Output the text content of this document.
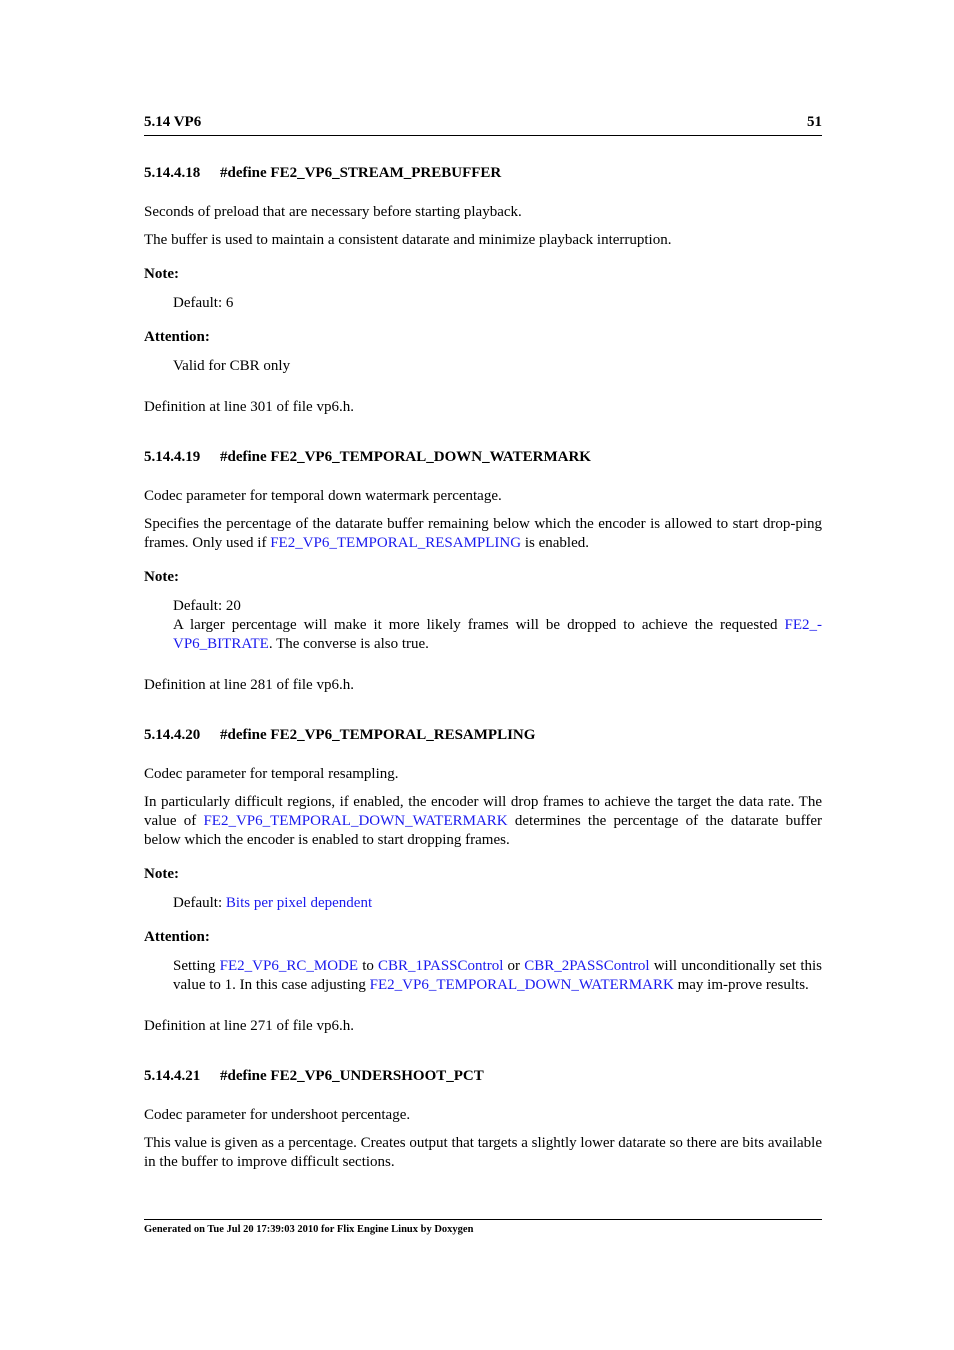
5.14 VP6	51
5.14.4.18 #define FE2_VP6_STREAM_PREBUFFER

Seconds of preload that are necessary before starting playback.

The buffer is used to maintain a consistent datarate and minimize playback interruption.

Note:

Default: 6

Attention:

Valid for CBR only

Definition at line 301 of file vp6.h.

5.14.4.19 #define FE2_VP6_TEMPORAL_DOWN_WATERMARK

Codec parameter for temporal down watermark percentage.

Specifies the percentage of the datarate buffer remaining below which the encoder is allowed to start drop-ping frames. Only used if FE2_VP6_TEMPORAL_RESAMPLING is enabled.

Note:

Default: 20

A larger percentage will make it more likely frames will be dropped to achieve the requested FE2_-VP6_BITRATE. The converse is also true.

Definition at line 281 of file vp6.h.

5.14.4.20 #define FE2_VP6_TEMPORAL_RESAMPLING

Codec parameter for temporal resampling.

In particularly difficult regions, if enabled, the encoder will drop frames to achieve the target the data rate. The value of FE2_VP6_TEMPORAL_DOWN_WATERMARK determines the percentage of the datarate buffer below which the encoder is enabled to start dropping frames.

Note:

Default: Bits per pixel dependent

Attention:

Setting FE2_VP6_RC_MODE to CBR_1PASSControl or CBR_2PASSControl will unconditionally set this value to 1. In this case adjusting FE2_VP6_TEMPORAL_DOWN_WATERMARK may im-prove results.

Definition at line 271 of file vp6.h.

5.14.4.21 #define FE2_VP6_UNDERSHOOT_PCT

Codec parameter for undershoot percentage.

This value is given as a percentage. Creates output that targets a slightly lower datarate so there are bits available in the buffer to improve difficult sections.

Generated on Tue Jul 20 17:39:03 2010 for Flix Engine Linux by Doxygen
